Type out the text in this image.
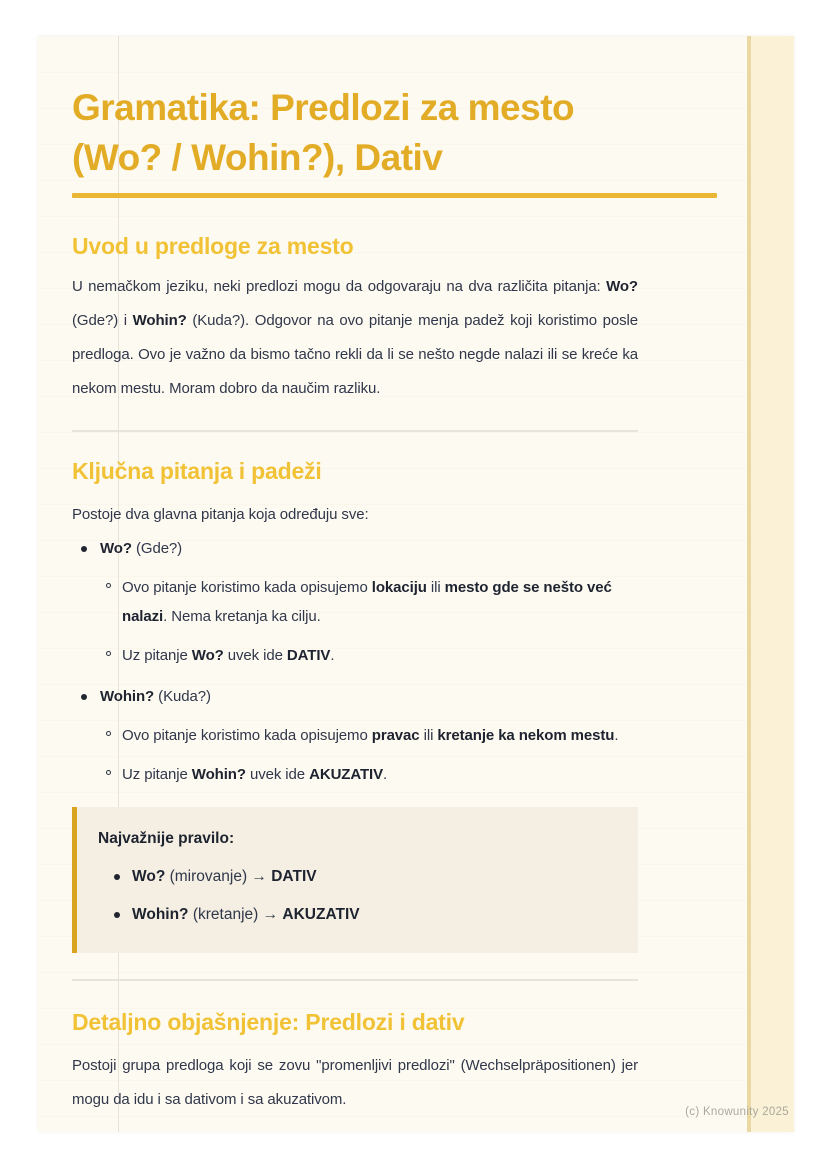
Gramatika: Predlozi za mesto
(Wo? / Wohin?), Dativ
Uvod u predloge za mesto

U nemačkom jeziku, neki predlozi mogu da odgovaraju na dva različita pitanja: Wo? (Gde?) i Wohin? (Kuda?). Odgovor na ovo pitanje menja padež koji koristimo posle predloga. Ovo je važno da bismo tačno rekli da li se nešto negde nalazi ili se kreće ka nekom mestu. Moram dobro da naučim razliku.

Ključna pitanja i padeži

Postoje dva glavna pitanja koja određuju sve:

Wo? (Gde?)
Ovo pitanje koristimo kada opisujemo lokaciju ili mesto gde se nešto već nalazi. Nema kretanja ka cilju.
Uz pitanje Wo? uvek ide DATIV.
Wohin? (Kuda?)
Ovo pitanje koristimo kada opisujemo pravac ili kretanje ka nekom mestu.
Uz pitanje Wohin? uvek ide AKUZATIV.
Najvažnije pravilo:
Wo? (mirovanje) → DATIV
Wohin? (kretanje) → AKUZATIV
Detaljno objašnjenje: Predlozi i dativ

Postoji grupa predloga koji se zovu "promenljivi predlozi" (Wechselpräpositionen) jer mogu da idu i sa dativom i sa akuzativom.

(c) Knowunity 2025
